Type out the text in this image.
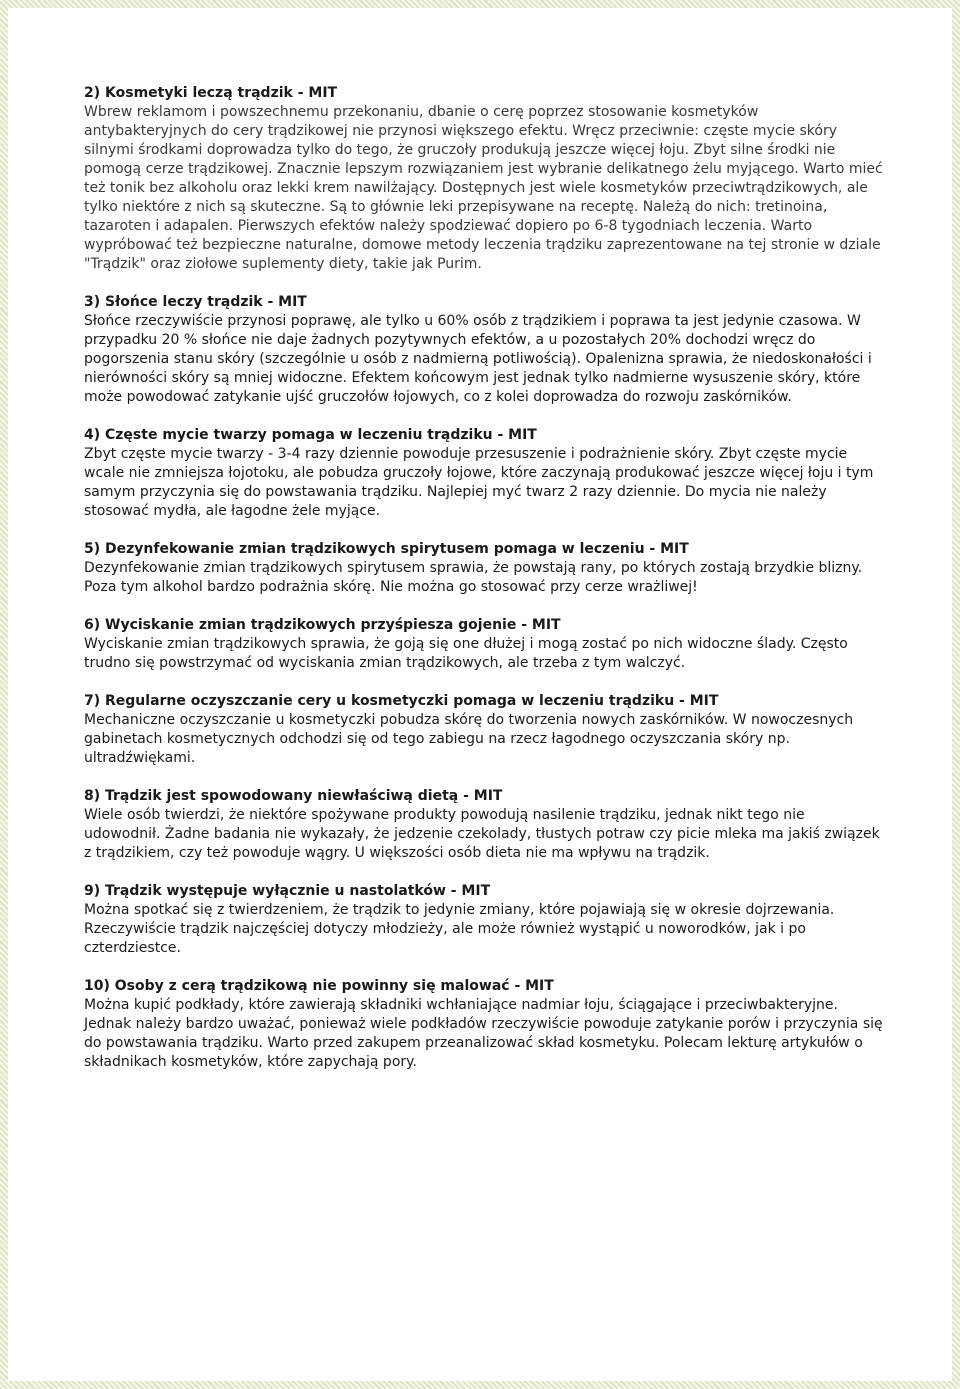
2) Kosmetyki leczą trądzik - MIT

Wbrew reklamom i powszechnemu przekonaniu, dbanie o cerę poprzez stosowanie kosmetyków antybakteryjnych do cery trądzikowej nie przynosi większego efektu. Wręcz przeciwnie: częste mycie skóry silnymi środkami doprowadza tylko do tego, że gruczoły produkują jeszcze więcej łoju. Zbyt silne środki nie pomogą cerze trądzikowej. Znacznie lepszym rozwiązaniem jest wybranie delikatnego żelu myjącego. Warto mieć też tonik bez alkoholu oraz lekki krem nawilżający. Dostępnych jest wiele kosmetyków przeciwtrądzikowych, ale tylko niektóre z nich są skuteczne. Są to głównie leki przepisywane na receptę. Należą do nich: tretinoina, tazaroten i adapalen. Pierwszych efektów należy spodziewać dopiero po 6-8 tygodniach leczenia. Warto wypróbować też bezpieczne naturalne, domowe metody leczenia trądziku zaprezentowane na tej stronie w dziale "Trądzik" oraz ziołowe suplementy diety, takie jak Purim.

3) Słońce leczy trądzik - MIT

Słońce rzeczywiście przynosi poprawę, ale tylko u 60% osób z trądzikiem i poprawa ta jest jedynie czasowa. W przypadku 20 % słońce nie daje żadnych pozytywnych efektów, a u pozostałych 20% dochodzi wręcz do pogorszenia stanu skóry (szczególnie u osób z nadmierną potliwością). Opalenizna sprawia, że niedoskonałości i nierówności skóry są mniej widoczne. Efektem końcowym jest jednak tylko nadmierne wysuszenie skóry, które może powodować zatykanie ujść gruczołów łojowych, co z kolei doprowadza do rozwoju zaskórników.

4) Częste mycie twarzy pomaga w leczeniu trądziku - MIT

Zbyt częste mycie twarzy - 3-4 razy dziennie powoduje przesuszenie i podrażnienie skóry. Zbyt częste mycie wcale nie zmniejsza łojotoku, ale pobudza gruczoły łojowe, które zaczynają produkować jeszcze więcej łoju i tym samym przyczynia się do powstawania trądziku. Najlepiej myć twarz 2 razy dziennie. Do mycia nie należy stosować mydła, ale łagodne żele myjące.

5) Dezynfekowanie zmian trądzikowych spirytusem pomaga w leczeniu - MIT

Dezynfekowanie zmian trądzikowych spirytusem sprawia, że powstają rany, po których zostają brzydkie blizny. Poza tym alkohol bardzo podrażnia skórę. Nie można go stosować przy cerze wrażliwej!

6) Wyciskanie zmian trądzikowych przyśpiesza gojenie - MIT

Wyciskanie zmian trądzikowych sprawia, że goją się one dłużej i mogą zostać po nich widoczne ślady. Często trudno się powstrzymać od wyciskania zmian trądzikowych, ale trzeba z tym walczyć.

7) Regularne oczyszczanie cery u kosmetyczki pomaga w leczeniu trądziku - MIT

Mechaniczne oczyszczanie u kosmetyczki pobudza skórę do tworzenia nowych zaskórników. W nowoczesnych gabinetach kosmetycznych odchodzi się od tego zabiegu na rzecz łagodnego oczyszczania skóry np. ultradźwiękami.

8) Trądzik jest spowodowany niewłaściwą dietą - MIT

Wiele osób twierdzi, że niektóre spożywane produkty powodują nasilenie trądziku, jednak nikt tego nie udowodnił. Żadne badania nie wykazały, że jedzenie czekolady, tłustych potraw czy picie mleka ma jakiś związek z trądzikiem, czy też powoduje wągry. U większości osób dieta nie ma wpływu na trądzik.

9) Trądzik występuje wyłącznie u nastolatków - MIT

Można spotkać się z twierdzeniem, że trądzik to jedynie zmiany, które pojawiają się w okresie dojrzewania. Rzeczywiście trądzik najczęściej dotyczy młodzieży, ale może również wystąpić u noworodków, jak i po czterdziestce.

10) Osoby z cerą trądzikową nie powinny się malować - MIT

Można kupić podkłady, które zawierają składniki wchłaniające nadmiar łoju, ściągające i przeciwbakteryjne. Jednak należy bardzo uważać, ponieważ wiele podkładów rzeczywiście powoduje zatykanie porów i przyczynia się do powstawania trądziku. Warto przed zakupem przeanalizować skład kosmetyku. Polecam lekturę artykułów o składnikach kosmetyków, które zapychają pory.
